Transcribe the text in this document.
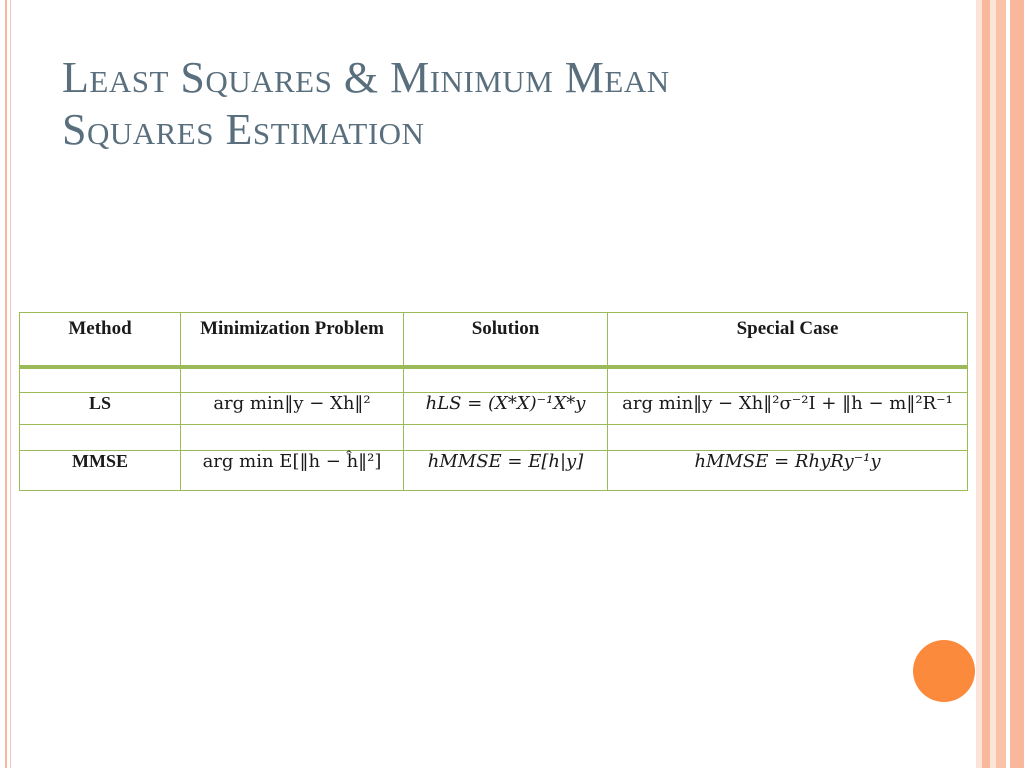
Least Squares & Minimum Mean
Squares Estimation
Method	Minimization Problem	Solution	Special Case

LS	arg min‖y − Xh‖²	hLS = (X*X)⁻¹X*y	arg min‖y − Xh‖²σ⁻²I + ‖h − m‖²R⁻¹

MMSE	arg min E[‖h − ĥ‖²]	hMMSE = E[h|y]	hMMSE = RhyRy⁻¹y
